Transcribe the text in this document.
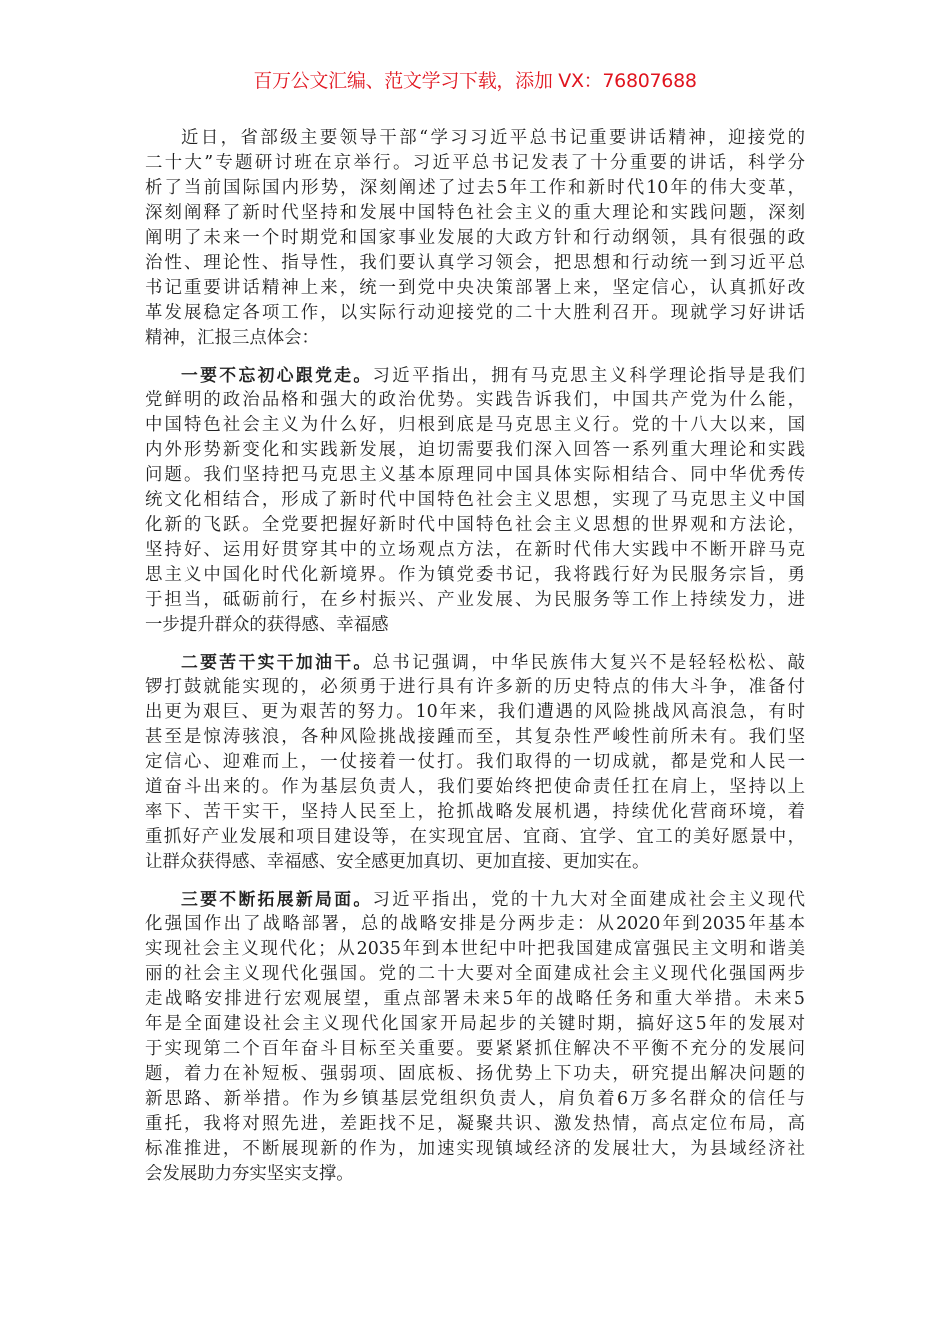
百万公文汇编、范文学习下载，添加 VX：76807688
近日，省部级主要领导干部“学习习近平总书记重要讲话精神，迎接党的
二十大”专题研讨班在京举行。习近平总书记发表了十分重要的讲话，科学分
析了当前国际国内形势，深刻阐述了过去5年工作和新时代10年的伟大变革，
深刻阐释了新时代坚持和发展中国特色社会主义的重大理论和实践问题，深刻
阐明了未来一个时期党和国家事业发展的大政方针和行动纲领，具有很强的政
治性、理论性、指导性，我们要认真学习领会，把思想和行动统一到习近平总
书记重要讲话精神上来，统一到党中央决策部署上来，坚定信心，认真抓好改
革发展稳定各项工作，以实际行动迎接党的二十大胜利召开。现就学习好讲话
精神，汇报三点体会：
一要不忘初心跟党走。习近平指出，拥有马克思主义科学理论指导是我们
党鲜明的政治品格和强大的政治优势。实践告诉我们，中国共产党为什么能，
中国特色社会主义为什么好，归根到底是马克思主义行。党的十八大以来，国
内外形势新变化和实践新发展，迫切需要我们深入回答一系列重大理论和实践
问题。我们坚持把马克思主义基本原理同中国具体实际相结合、同中华优秀传
统文化相结合，形成了新时代中国特色社会主义思想，实现了马克思主义中国
化新的飞跃。全党要把握好新时代中国特色社会主义思想的世界观和方法论，
坚持好、运用好贯穿其中的立场观点方法，在新时代伟大实践中不断开辟马克
思主义中国化时代化新境界。作为镇党委书记，我将践行好为民服务宗旨，勇
于担当，砥砺前行，在乡村振兴、产业发展、为民服务等工作上持续发力，进
一步提升群众的获得感、幸福感
二要苦干实干加油干。总书记强调，中华民族伟大复兴不是轻轻松松、敲
锣打鼓就能实现的，必须勇于进行具有许多新的历史特点的伟大斗争，准备付
出更为艰巨、更为艰苦的努力。10年来，我们遭遇的风险挑战风高浪急，有时
甚至是惊涛骇浪，各种风险挑战接踵而至，其复杂性严峻性前所未有。我们坚
定信心、迎难而上，一仗接着一仗打。我们取得的一切成就，都是党和人民一
道奋斗出来的。作为基层负责人，我们要始终把使命责任扛在肩上，坚持以上
率下、苦干实干，坚持人民至上，抢抓战略发展机遇，持续优化营商环境，着
重抓好产业发展和项目建设等，在实现宜居、宜商、宜学、宜工的美好愿景中，
让群众获得感、幸福感、安全感更加真切、更加直接、更加实在。
三要不断拓展新局面。习近平指出，党的十九大对全面建成社会主义现代
化强国作出了战略部署，总的战略安排是分两步走：从2020年到2035年基本
实现社会主义现代化；从2035年到本世纪中叶把我国建成富强民主文明和谐美
丽的社会主义现代化强国。党的二十大要对全面建成社会主义现代化强国两步
走战略安排进行宏观展望，重点部署未来5年的战略任务和重大举措。未来5
年是全面建设社会主义现代化国家开局起步的关键时期，搞好这5年的发展对
于实现第二个百年奋斗目标至关重要。要紧紧抓住解决不平衡不充分的发展问
题，着力在补短板、强弱项、固底板、扬优势上下功夫，研究提出解决问题的
新思路、新举措。作为乡镇基层党组织负责人，肩负着6万多名群众的信任与
重托，我将对照先进，差距找不足，凝聚共识、激发热情，高点定位布局，高
标准推进，不断展现新的作为，加速实现镇域经济的发展壮大，为县域经济社
会发展助力夯实坚实支撑。
